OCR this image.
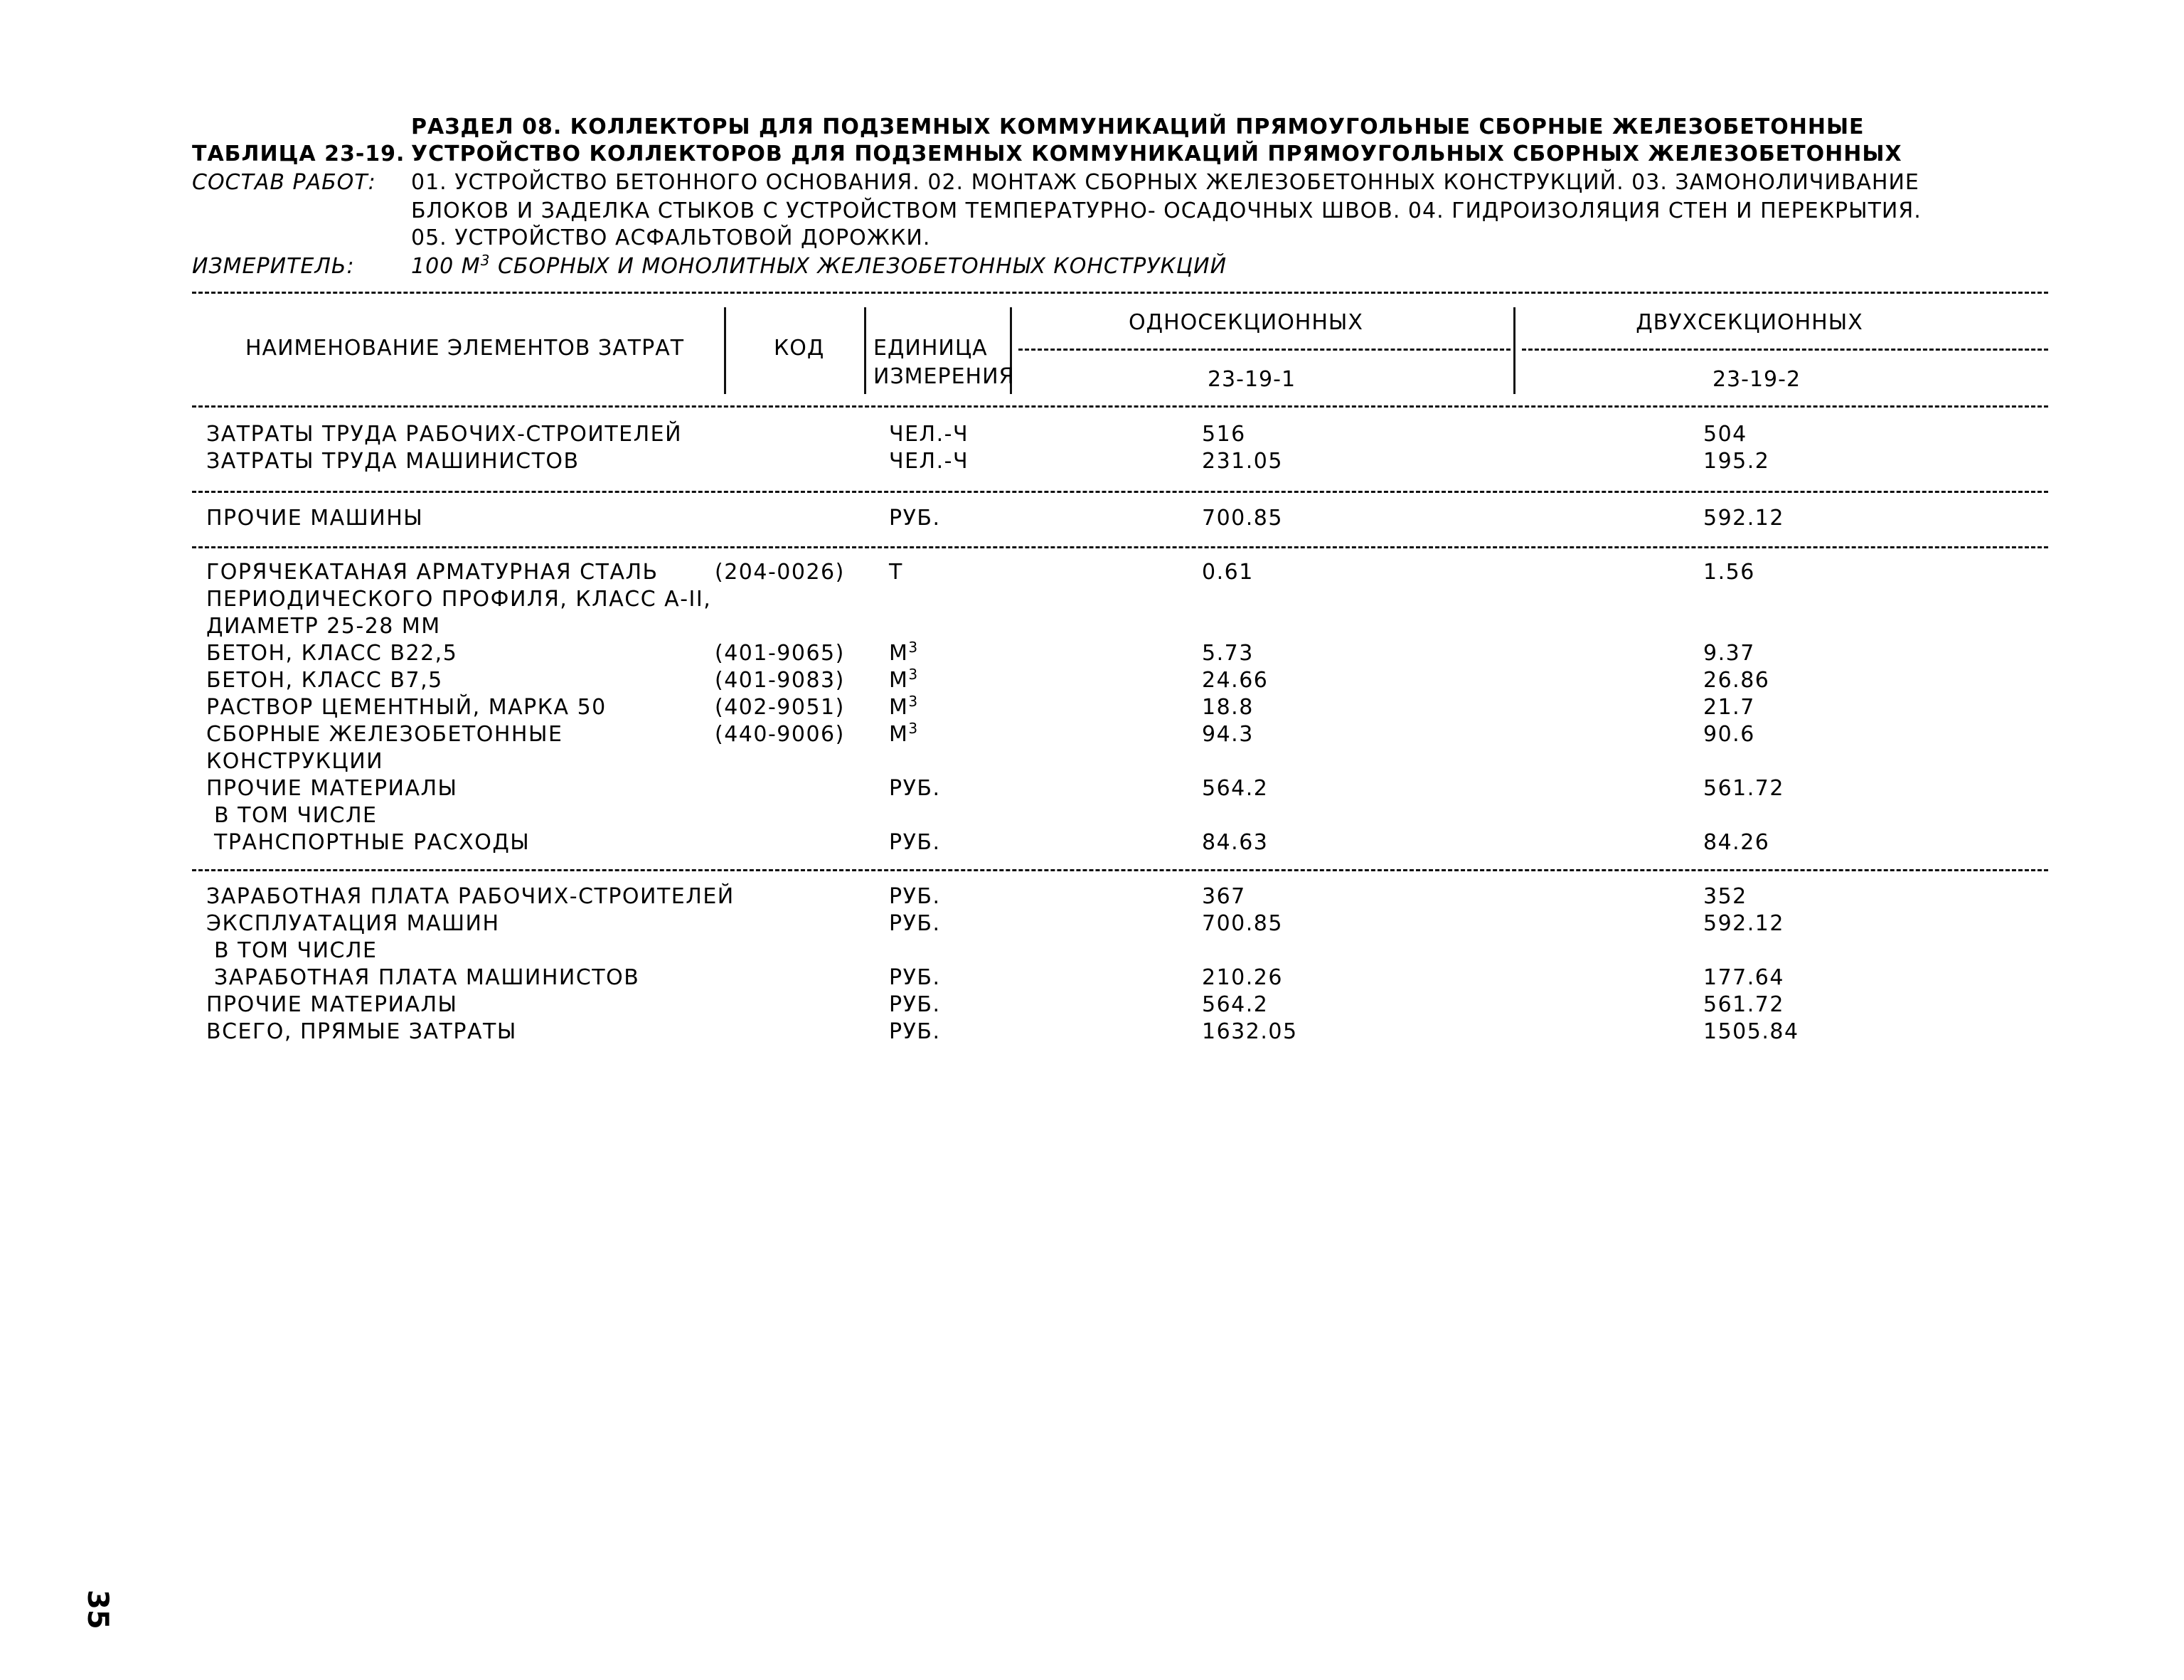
РАЗДЕЛ 08. КОЛЛЕКТОРЫ ДЛЯ ПОДЗЕМНЫХ КОММУНИКАЦИЙ ПРЯМОУГОЛЬНЫЕ СБОРНЫЕ ЖЕЛЕЗОБЕТОННЫЕ
ТАБЛИЦА 23-19. УСТРОЙСТВО КОЛЛЕКТОРОВ ДЛЯ ПОДЗЕМНЫХ КОММУНИКАЦИЙ ПРЯМОУГОЛЬНЫХ СБОРНЫХ ЖЕЛЕЗОБЕТОННЫХ
СОСТАВ РАБОТ: 01. УСТРОЙСТВО БЕТОННОГО ОСНОВАНИЯ. 02. МОНТАЖ СБОРНЫХ ЖЕЛЕЗОБЕТОННЫХ КОНСТРУКЦИЙ. 03. ЗАМОНОЛИЧИВАНИЕ
БЛОКОВ И ЗАДЕЛКА СТЫКОВ С УСТРОЙСТВОМ ТЕМПЕРАТУРНО- ОСАДОЧНЫХ ШВОВ. 04. ГИДРОИЗОЛЯЦИЯ СТЕН И ПЕРЕКРЫТИЯ.
05. УСТРОЙСТВО АСФАЛЬТОВОЙ ДОРОЖКИ.
ИЗМЕРИТЕЛЬ:	100 $М^3$ СБОРНЫХ И МОНОЛИТНЫХ ЖЕЛЕЗОБЕТОННЫХ КОНСТРУКЦИЙ
НАИМЕНОВАНИЕ ЭЛЕМЕНТОВ ЗАТРАТ	КОД ЕДИНИЦА
ИЗМЕРЕНИЯ
ОДНОСЕКЦИОННЫХ	ДВУХСЕКЦИОННЫХ
23-19-1	23-19-2
ЗАТРАТЫ ТРУДА РАБОЧИХ-СТРОИТЕЛЕЙ	ЧЕЛ.-Ч	516	504
ЗАТРАТЫ ТРУДА МАШИНИСТОВ	ЧЕЛ.-Ч	231.05	195.2
ПРОЧИЕ МАШИНЫ	РУБ.	700.85	592.12
ГОРЯЧЕКАТАНАЯ АРМАТУРНАЯ СТАЛЬ	(204-0026) Т	0.61	1.56
ПЕРИОДИЧЕСКОГО ПРОФИЛЯ, КЛАСС А-II,
ДИАМЕТР 25-28 ММ
БЕТОН, КЛАСС В22,5	(401-9065) $М^3$	5.73	9.37
БЕТОН, КЛАСС В7,5	(401-9083) $М^3$	24.66	26.86
РАСТВОР ЦЕМЕНТНЫЙ, МАРКА 50	(402-9051) $М^3$	18.8	21.7
СБОРНЫЕ ЖЕЛЕЗОБЕТОННЫЕ	(440-9006) $М^3$	94.3	90.6
КОНСТРУКЦИИ
ПРОЧИЕ МАТЕРИАЛЫ	РУБ.	564.2	561.72
В ТОМ ЧИСЛЕ
ТРАНСПОРТНЫЕ РАСХОДЫ	РУБ.	84.63	84.26
ЗАРАБОТНАЯ ПЛАТА РАБОЧИХ-СТРОИТЕЛЕЙ	РУБ.	367	352
ЭКСПЛУАТАЦИЯ МАШИН	РУБ.	700.85	592.12
В ТОМ ЧИСЛЕ
ЗАРАБОТНАЯ ПЛАТА МАШИНИСТОВ	РУБ.	210.26	177.64
ПРОЧИЕ МАТЕРИАЛЫ	РУБ.	564.2	561.72
ВСЕГО, ПРЯМЫЕ ЗАТРАТЫ	РУБ.	1632.05	1505.84
35
